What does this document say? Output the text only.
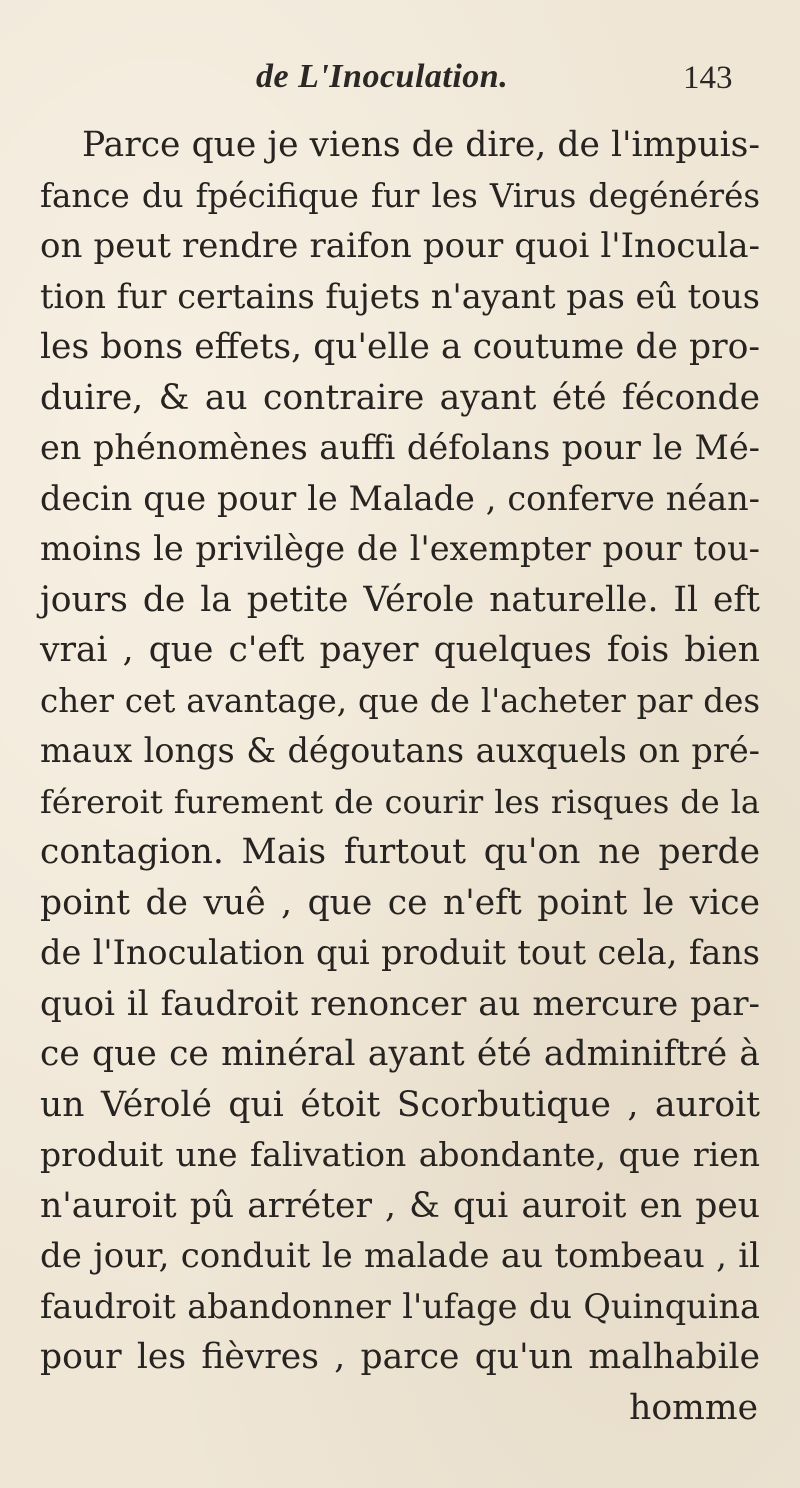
de L'Inoculation.	143
Parce que je viens de dire, de l'impuis-
fance du fpécifique fur les Virus degénérés
on peut rendre raifon pour quoi l'Inocula-
tion fur certains fujets n'ayant pas eû tous
les bons effets, qu'elle a coutume de pro-
duire, & au contraire ayant été féconde
en phénomènes auffi défolans pour le Mé-
decin que pour le Malade , conferve néan-
moins le privilège de l'exempter pour tou-
jours de la petite Vérole naturelle. Il eft
vrai , que c'eft payer quelques fois bien
cher cet avantage, que de l'acheter par des
maux longs & dégoutans auxquels on pré-
féreroit furement de courir les risques de la
contagion. Mais furtout qu'on ne perde
point de vuê , que ce n'eft point le vice
de l'Inoculation qui produit tout cela, fans
quoi il faudroit renoncer au mercure par-
ce que ce minéral ayant été adminiftré à
un Vérolé qui étoit Scorbutique , auroit
produit une falivation abondante, que rien
n'auroit pû arréter , & qui auroit en peu
de jour, conduit le malade au tombeau , il
faudroit abandonner l'ufage du Quinquina
pour les fièvres , parce qu'un malhabile
homme
